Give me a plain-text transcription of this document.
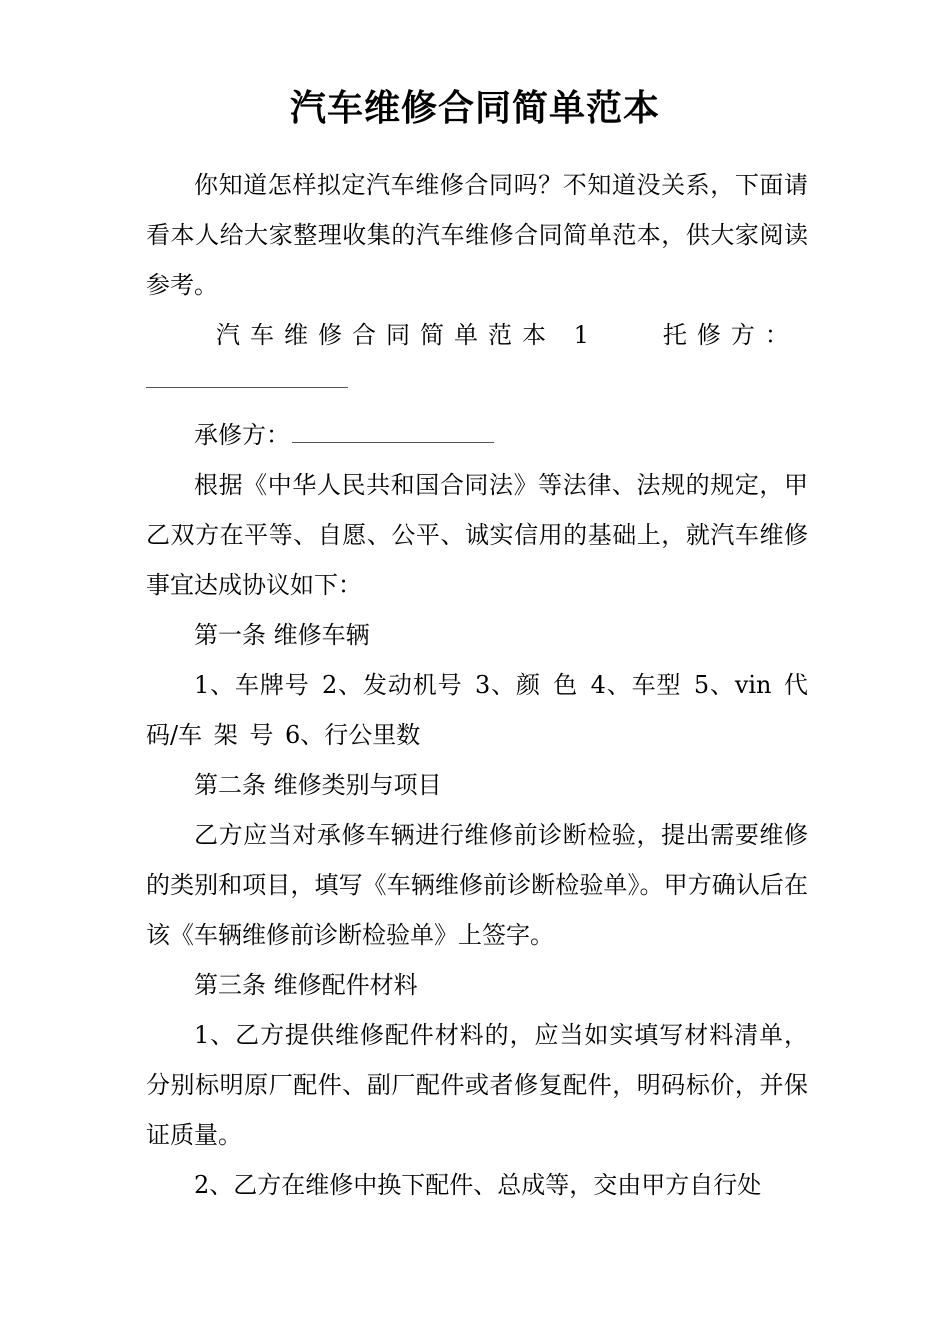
汽车维修合同简单范本

你知道怎样拟定汽车维修合同吗？不知道没关系，下面请看本人给大家整理收集的汽车维修合同简单范本，供大家阅读参考。

汽车维修合同简单范本 1	托修方：

承修方：

根据《中华人民共和国合同法》等法律、法规的规定，甲乙双方在平等、自愿、公平、诚实信用的基础上，就汽车维修事宜达成协议如下：

第一条 维修车辆

1、车牌号 2、发动机号 3、颜 色 4、车型 5、vin 代码/车 架 号 6、行公里数

第二条 维修类别与项目

乙方应当对承修车辆进行维修前诊断检验，提出需要维修的类别和项目，填写《车辆维修前诊断检验单》。甲方确认后在该《车辆维修前诊断检验单》上签字。

第三条 维修配件材料

1、乙方提供维修配件材料的，应当如实填写材料清单，分别标明原厂配件、副厂配件或者修复配件，明码标价，并保证质量。

2、乙方在维修中换下配件、总成等，交由甲方自行处
